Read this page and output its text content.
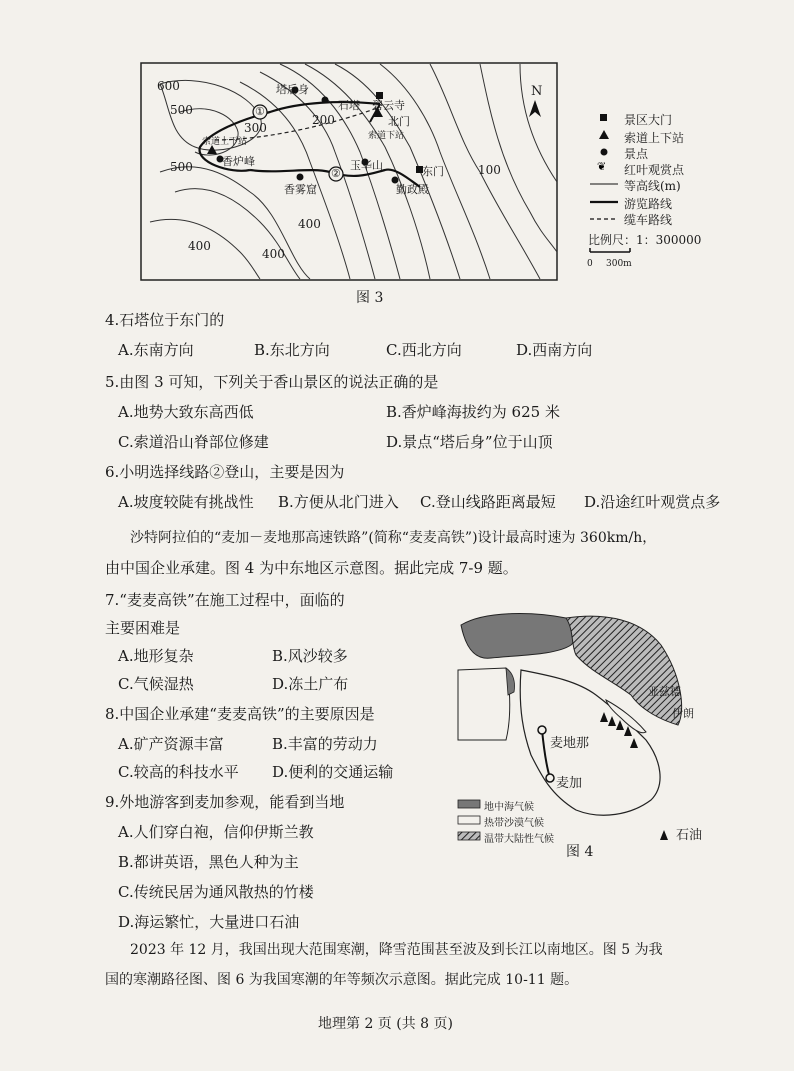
❦
600
500
500
400
400
300
200
100
400
塔后身
石塔 碧云寺
北门
索道下站
索道上下站
香炉峰
香雾窟
玉华山	东门
勤政殿
①
②
N
景区大门
索道上下站
景点
红叶观赏点
等高线(m)
游览路线
缆车路线
比例尺：1：300000
0 300m
图 3
4.石塔位于东门的
A.东南方向	B.东北方向	C.西北方向	D.西南方向
5.由图 3 可知，下列关于香山景区的说法正确的是
A.地势大致东高西低	B.香炉峰海拔约为 625 米
C.索道沿山脊部位修建	D.景点“塔后身”位于山顶
6.小明选择线路②登山，主要是因为
A.坡度较陡有挑战性 B.方便从北门进入 C.登山线路距离最短 D.沿途红叶观赏点多
沙特阿拉伯的“麦加－麦地那高速铁路”(简称“麦麦高铁”)设计最高时速为 360km/h，
由中国企业承建。图 4 为中东地区示意图。据此完成 7-9 题。
7.“麦麦高铁”在施工过程中，面临的
主要困难是
A.地形复杂	B.风沙较多
C.气候湿热	D.冻土广布
8.中国企业承建“麦麦高铁”的主要原因是
A.矿产资源丰富	B.丰富的劳动力
C.较高的科技水平 D.便利的交通运输
9.外地游客到麦加参观，能看到当地
A.人们穿白袍，信仰伊斯兰教
B.都讲英语，黑色人种为主
C.传统民居为通风散热的竹楼
D.海运繁忙，大量进口石油
麦地那
麦加
亚兹德
伊朗
地中海气候
热带沙漠气候
温带大陆性气候	石油
图 4
2023 年 12 月，我国出现大范围寒潮，降雪范围甚至波及到长江以南地区。图 5 为我
国的寒潮路径图、图 6 为我国寒潮的年等频次示意图。据此完成 10-11 题。
地理第 2 页 (共 8 页)
